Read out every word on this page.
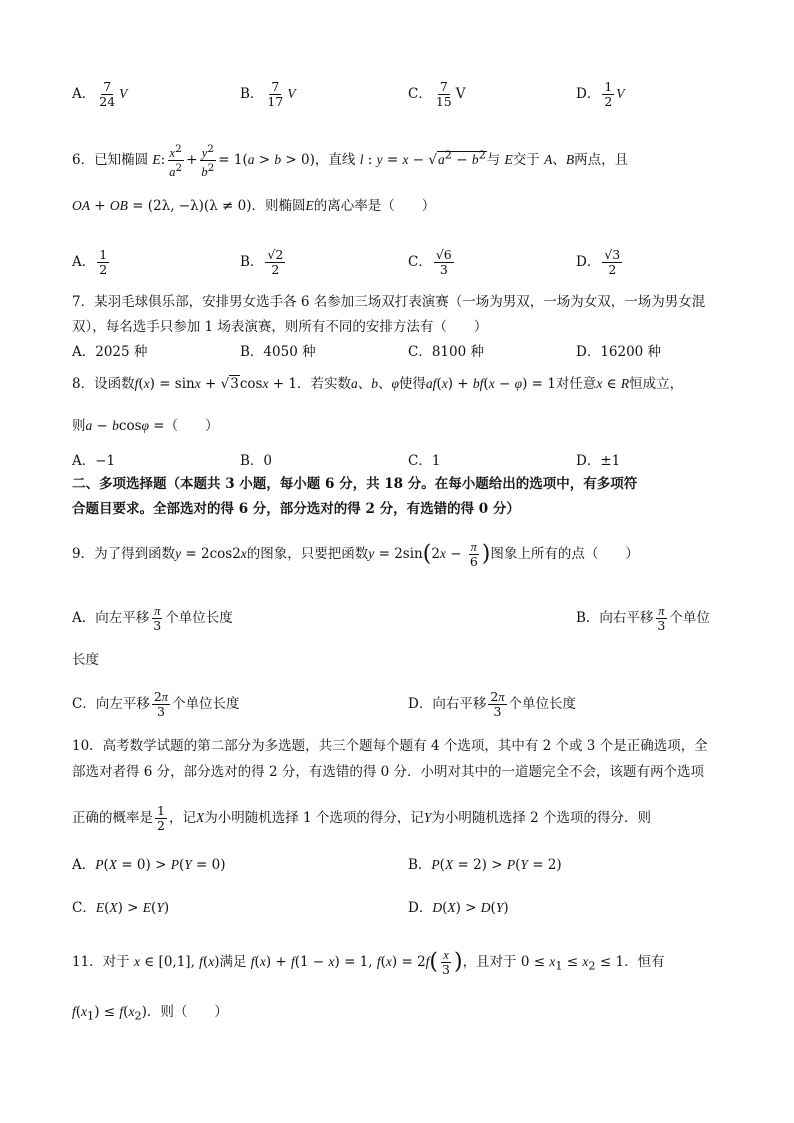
A． $\frac{7}{24}$ V	B． $\frac{7}{17}$ V	C． $\frac{7}{15}$ V	D． $\frac{1}{2}$ V
6．已知椭圆 E: $\frac{x^2}{a^2} + \frac{y^2}{b^2} = 1(a > b > 0)$，直线 l : $y = x - √a^2 - b^2$与 E交于 A、B两点，且
OA + OB = (2λ, −λ)(λ ≠ 0)．则椭圆E的离心率是（　　）
A． $\frac{1}{2}$	B． $\frac{√2}{2}$	C． $\frac{√6}{3}$	D． $\frac{√3}{2}$
7．某羽毛球俱乐部，安排男女选手各 6 名参加三场双打表演赛（一场为男双，一场为女双，一场为男女混
双），每名选手只参加 1 场表演赛，则所有不同的安排方法有（　　）
A．2025 种	B．4050 种	C．8100 种	D．16200 种
8．设函数f(x) = sinx + √3cosx + 1．若实数a、b、φ使得af(x) + bf(x − φ) = 1对任意x ∈ R恒成立，
则a − bcosφ =（　　）
A．−1	B．0	C．1	D．±1
二、多项选择题（本题共 3 小题，每小题 6 分，共 18 分。在每小题给出的选项中，有多项符
合题目要求。全部选对的得 6 分，部分选对的得 2 分，有选错的得 0 分）
9．为了得到函数y = 2cos2x的图象，只要把函数$y = 2\sin(2x - \frac{\pi}{6}$ )图象上所有的点（　　）
A．向左平移 $\frac{\pi}{3}$ 个单位长度	B．向右平移 $\frac{\pi}{3}$ 个单位
长度
C．向左平移 $\frac{2\pi}{3}$ 个单位长度	D．向右平移 $\frac{2\pi}{3}$ 个单位长度
10．高考数学试题的第二部分为多选题，共三个题每个题有 4 个选项，其中有 2 个或 3 个是正确选项，全
部选对者得 6 分，部分选对的得 2 分，有选错的得 0 分．小明对其中的一道题完全不会，该题有两个选项
正确的概率是 $\frac{1}{2}$ ，记X为小明随机选择 1 个选项的得分，记Y为小明随机选择 2 个选项的得分．则
A．P(X = 0) > P(Y = 0)	B．P(X = 2) > P(Y = 2)
C．E(X) > E(Y)	D．D(X) > D(Y)
11．对于 x ∈ [0,1], f(x)满足 f(x) + f(1 − x) = 1, $f(x) = 2f( \frac{x}{3}$ )，且对于 $0 \le x_1 \le x_2 \le 1$．恒有
$f(x_1) \le f(x_2)$．则（　　）
